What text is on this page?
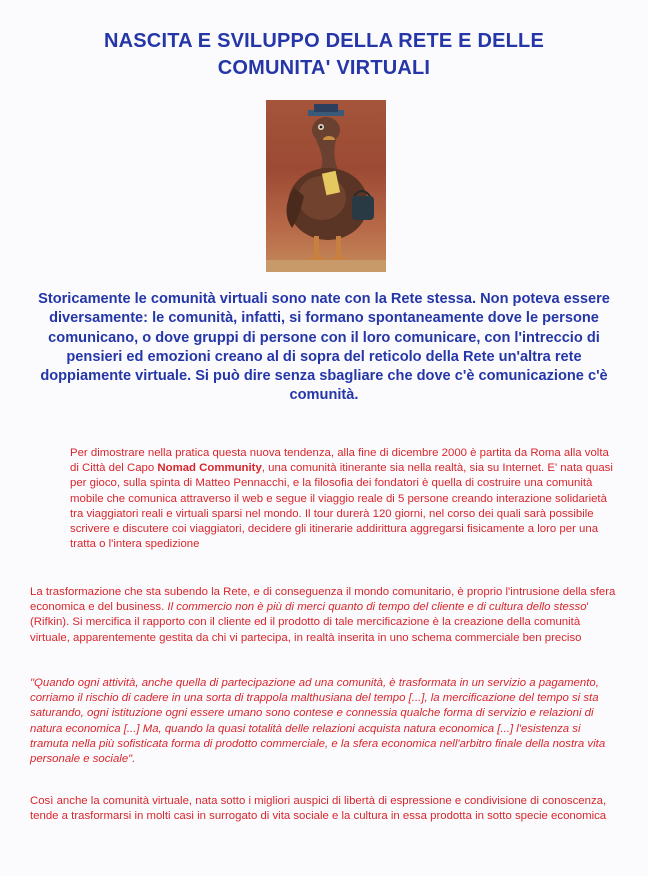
NASCITA E SVILUPPO DELLA RETE E DELLE
COMUNITA' VIRTUALI

Storicamente le comunità virtuali sono nate con la Rete stessa. Non poteva essere diversamente: le comunità, infatti, si formano spontaneamente dove le persone comunicano, o dove gruppi di persone con il loro comunicare, con l'intreccio di pensieri ed emozioni creano al di sopra del reticolo della Rete un'altra rete doppiamente virtuale. Si può dire senza sbagliare che dove c'è comunicazione c'è comunità.

Per dimostrare nella pratica questa nuova tendenza, alla fine di dicembre 2000 è partita da Roma alla volta di Città del Capo Nomad Community, una comunità itinerante sia nella realtà, sia su Internet. E' nata quasi per gioco, sulla spinta di Matteo Pennacchi, e la filosofia dei fondatori è quella di costruire una comunità mobile che comunica attraverso il web e segue il viaggio reale di 5 persone creando interazione solidarietà tra viaggiatori reali e virtuali sparsi nel mondo. Il tour durerà 120 giorni, nel corso dei quali sarà possibile scrivere e discutere coi viaggiatori, decidere gli itinerarie addirittura aggregarsi fisicamente a loro per una tratta o l'intera spedizione

La trasformazione che sta subendo la Rete, e di conseguenza il mondo comunitario, è proprio l'intrusione della sfera economica e del business. Il commercio non è più di merci quanto di tempo del cliente e di cultura dello stesso' (Rifkin). Si mercifica il rapporto con il cliente ed il prodotto di tale mercificazione è la creazione della comunità virtuale, apparentemente gestita da chi vi partecipa, in realtà inserita in uno schema commerciale ben preciso

"Quando ogni attività, anche quella di partecipazione ad una comunità, è trasformata in un servizio a pagamento, corriamo il rischio di cadere in una sorta di trappola malthusiana del tempo [...], la mercificazione del tempo si sta saturando, ogni istituzione ogni essere umano sono contese e connessia qualche forma di servizio e relazioni di natura economica [...] Ma, quando la quasi totalità delle relazioni acquista natura economica [...] l'esistenza si tramuta nella più sofisticata forma di prodotto commerciale, e la sfera economica nell'arbitro finale della nostra vita personale e sociale".

Così anche la comunità virtuale, nata sotto i migliori auspici di libertà di espressione e condivisione di conoscenza, tende a trasformarsi in molti casi in surrogato di vita sociale e la cultura in essa prodotta in sotto specie economica
